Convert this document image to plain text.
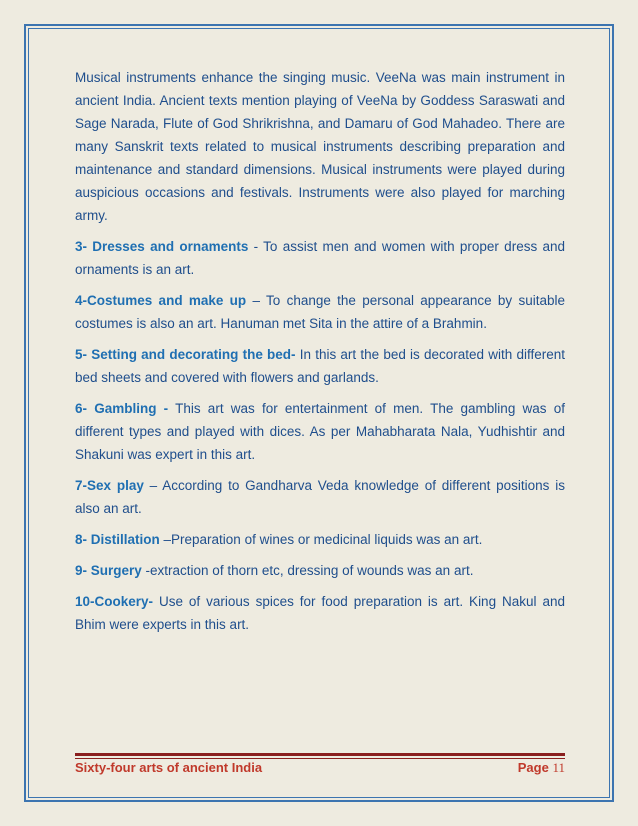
Musical instruments enhance the singing music. VeeNa was main instrument in ancient India. Ancient texts mention playing of VeeNa by Goddess Saraswati and Sage Narada, Flute of God Shrikrishna, and Damaru of God Mahadeo. There are many Sanskrit texts related to musical instruments describing preparation and maintenance and standard dimensions. Musical instruments were played during auspicious occasions and festivals. Instruments were also played for marching army.

3- Dresses and ornaments - To assist men and women with proper dress and ornaments is an art.

4-Costumes and make up – To change the personal appearance by suitable costumes is also an art. Hanuman met Sita in the attire of a Brahmin.

5- Setting and decorating the bed- In this art the bed is decorated with different bed sheets and covered with flowers and garlands.

6- Gambling - This art was for entertainment of men. The gambling was of different types and played with dices. As per Mahabharata Nala, Yudhishtir and Shakuni was expert in this art.

7-Sex play – According to Gandharva Veda knowledge of different positions is also an art.

8- Distillation –Preparation of wines or medicinal liquids was an art.

9- Surgery -extraction of thorn etc, dressing of wounds was an art.

10-Cookery- Use of various spices for food preparation is art. King Nakul and Bhim were experts in this art.

Sixty-four arts of ancient India	Page 11
